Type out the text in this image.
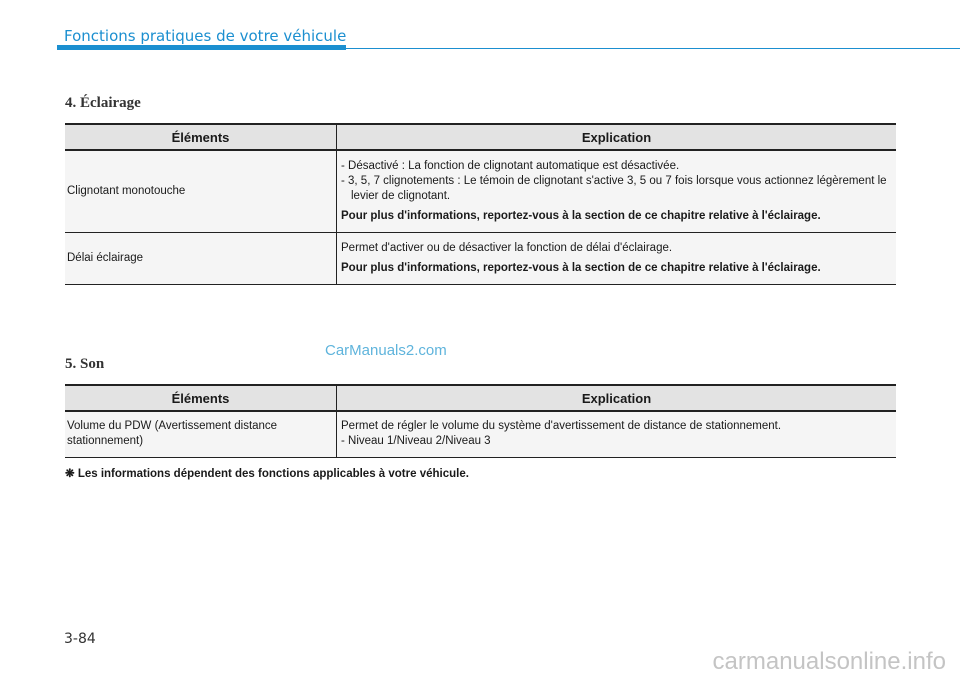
Fonctions pratiques de votre véhicule
4. Éclairage
Éléments	Explication
Clignotant monotouche	- Désactivé : La fonction de clignotant automatique est désactivée.
- 3, 5, 7 clignotements : Le témoin de clignotant s'active 3, 5 ou 7 fois lorsque vous actionnez légèrement le levier de clignotant.
Pour plus d'informations, reportez-vous à la section de ce chapitre relative à l'éclairage.

Délai éclairage	Permet d'activer ou de désactiver la fonction de délai d'éclairage.
Pour plus d'informations, reportez-vous à la section de ce chapitre relative à l'éclairage.
CarManuals2.com
5. Son
Éléments	Explication
Volume du PDW (Avertissement distance stationnement)	Permet de régler le volume du système d'avertissement de distance de stationnement.
- Niveau 1/Niveau 2/Niveau 3
❋ Les informations dépendent des fonctions applicables à votre véhicule.
3-84
carmanualsonline.info
